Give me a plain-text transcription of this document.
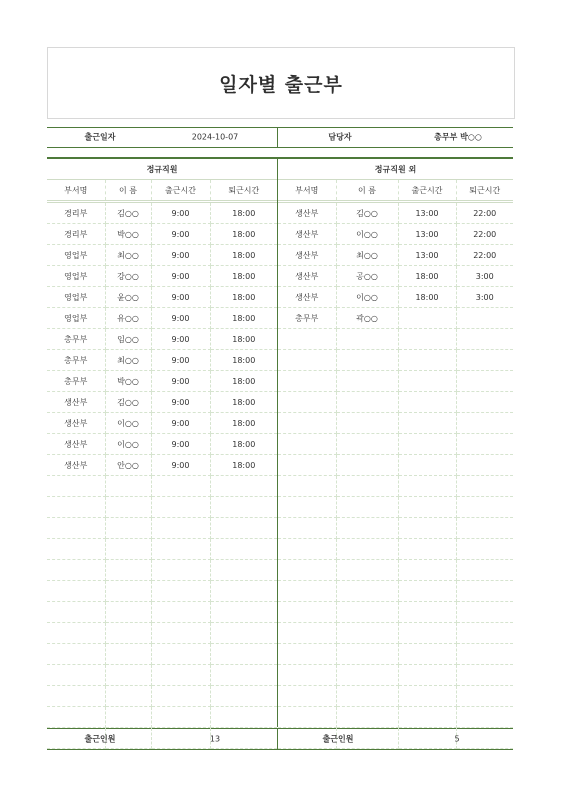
일자별 출근부
출근일자	2024-10-07	담당자	총무부 박○○
정규직원			
부서명	이 름	출근시간	퇴근시간
경리부	김○○	9:00	18:00
경리부	박○○	9:00	18:00
영업부	최○○	9:00	18:00
영업부	강○○	9:00	18:00
영업부	윤○○	9:00	18:00
영업부	유○○	9:00	18:00
총무부	임○○	9:00	18:00
총무부	최○○	9:00	18:00
총무부	박○○	9:00	18:00
생산부	김○○	9:00	18:00
생산부	이○○	9:00	18:00
생산부	이○○	9:00	18:00
생산부	안○○	9:00	18:00

정규직원 외			
부서명	이 름	출근시간	퇴근시간
생산부	김○○	13:00	22:00
생산부	이○○	13:00	22:00
생산부	최○○	13:00	22:00
생산부	공○○	18:00	3:00
생산부	이○○	18:00	3:00
총무부	곽○○		

출근인원	13	출근인원	5
